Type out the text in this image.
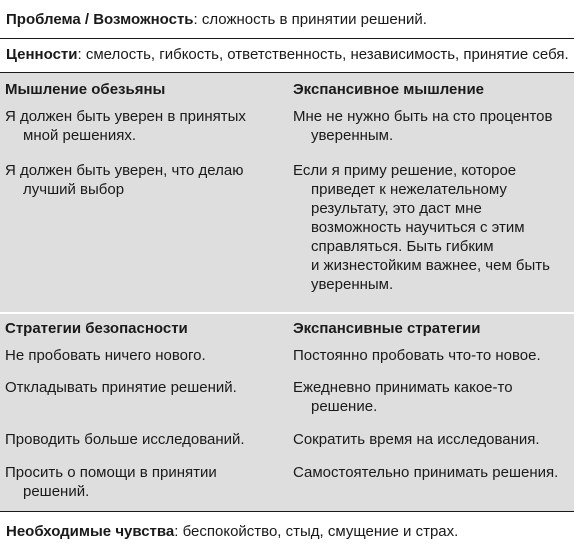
Проблема / Возможность: сложность в принятии решений.
Ценности: смелость, гибкость, ответственность, независимость, принятие себя.
Мышление обезьяны	Экспансивное мышление
Я должен быть уверен в принятых
мной решениях.
Я должен быть уверен, что делаю
лучший выбор
Мне не нужно быть на сто процентов
уверенным.
Если я приму решение, которое
приведет к нежелательному
результату, это даст мне
возможность научиться с этим
справляться. Быть гибким
и жизнестойким важнее, чем быть
уверенным.
Стратегии безопасности	Экспансивные стратегии
Не пробовать ничего нового.
Откладывать принятие решений.
Проводить больше исследований.
Просить о помощи в принятии
решений.
Постоянно пробовать что-то новое.
Ежедневно принимать какое-то
решение.
Сократить время на исследования.
Самостоятельно принимать решения.
Необходимые чувства: беспокойство, стыд, смущение и страх.
